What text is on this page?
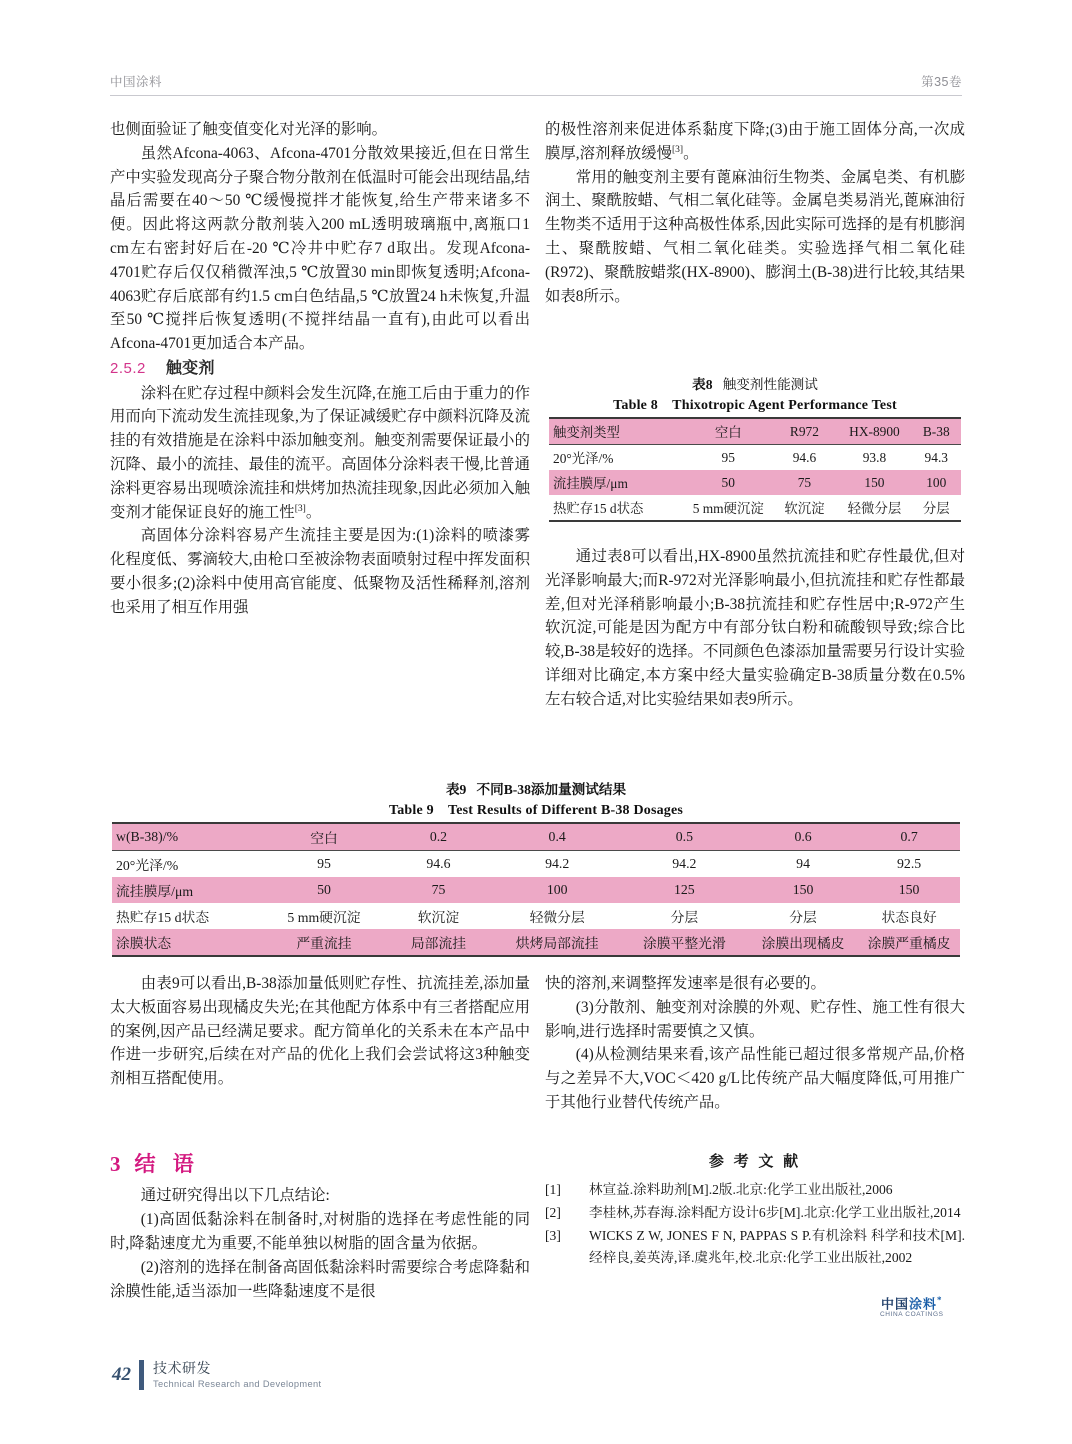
中国涂料	第35卷

也侧面验证了触变值变化对光泽的影响。

虽然Afcona-4063、Afcona-4701分散效果接近,但在日常生产中实验发现高分子聚合物分散剂在低温时可能会出现结晶,结晶后需要在40～50 ℃缓慢搅拌才能恢复,给生产带来诸多不便。因此将这两款分散剂装入200 mL透明玻璃瓶中,离瓶口1 cm左右密封好后在-20 ℃冷井中贮存7 d取出。发现Afcona-4701贮存后仅仅稍微浑浊,5 ℃放置30 min即恢复透明;Afcona-4063贮存后底部有约1.5 cm白色结晶,5 ℃放置24 h未恢复,升温至50 ℃搅拌后恢复透明(不搅拌结晶一直有),由此可以看出Afcona-4701更加适合本产品。

2.5.2 触变剂

涂料在贮存过程中颜料会发生沉降,在施工后由于重力的作用而向下流动发生流挂现象,为了保证减缓贮存中颜料沉降及流挂的有效措施是在涂料中添加触变剂。触变剂需要保证最小的沉降、最小的流挂、最佳的流平。高固体分涂料表干慢,比普通涂料更容易出现喷涂流挂和烘烤加热流挂现象,因此必须加入触变剂才能保证良好的施工性[3]。

高固体分涂料容易产生流挂主要是因为:(1)涂料的喷漆雾化程度低、雾滴较大,由枪口至被涂物表面喷射过程中挥发面积要小很多;(2)涂料中使用高官能度、低聚物及活性稀释剂,溶剂也采用了相互作用强

的极性溶剂来促进体系黏度下降;(3)由于施工固体分高,一次成膜厚,溶剂释放缓慢[3]。

常用的触变剂主要有蓖麻油衍生物类、金属皂类、有机膨润土、聚酰胺蜡、气相二氧化硅等。金属皂类易消光,蓖麻油衍生物类不适用于这种高极性体系,因此实际可选择的是有机膨润土、聚酰胺蜡、气相二氧化硅类。实验选择气相二氧化硅(R972)、聚酰胺蜡浆(HX-8900)、膨润土(B-38)进行比较,其结果如表8所示。

表8 触变剂性能测试
Table 8　Thixotropic Agent Performance Test
触变剂类型	空白	R972	HX-8900	B-38
20°光泽/%	95	94.6	93.8	94.3
流挂膜厚/μm	50	75	150	100
热贮存15 d状态	5 mm硬沉淀	软沉淀	轻微分层	分层

通过表8可以看出,HX-8900虽然抗流挂和贮存性最优,但对光泽影响最大;而R-972对光泽影响最小,但抗流挂和贮存性都最差,但对光泽稍影响最小;B-38抗流挂和贮存性居中;R-972产生软沉淀,可能是因为配方中有部分钛白粉和硫酸钡导致;综合比较,B-38是较好的选择。不同颜色色漆添加量需要另行设计实验详细对比确定,本方案中经大量实验确定B-38质量分数在0.5%左右较合适,对比实验结果如表9所示。

表9 不同B-38添加量测试结果
Table 9　Test Results of Different B-38 Dosages
w(B-38)/%	空白	0.2	0.4	0.5	0.6	0.7
20°光泽/%	95	94.6	94.2	94.2	94	92.5
流挂膜厚/μm	50	75	100	125	150	150
热贮存15 d状态	5 mm硬沉淀	软沉淀	轻微分层	分层	分层	状态良好
涂膜状态	严重流挂	局部流挂	烘烤局部流挂	涂膜平整光滑	涂膜出现橘皮	涂膜严重橘皮

由表9可以看出,B-38添加量低则贮存性、抗流挂差,添加量太大板面容易出现橘皮失光;在其他配方体系中有三者搭配应用的案例,因产品已经满足要求。配方简单化的关系未在本产品中作进一步研究,后续在对产品的优化上我们会尝试将这3种触变剂相互搭配使用。

3 结 语

通过研究得出以下几点结论:

(1)高固低黏涂料在制备时,对树脂的选择在考虑性能的同时,降黏速度尤为重要,不能单独以树脂的固含量为依据。

(2)溶剂的选择在制备高固低黏涂料时需要综合考虑降黏和涂膜性能,适当添加一些降黏速度不是很

快的溶剂,来调整挥发速率是很有必要的。

(3)分散剂、触变剂对涂膜的外观、贮存性、施工性有很大影响,进行选择时需要慎之又慎。

(4)从检测结果来看,该产品性能已超过很多常规产品,价格与之差异不大,VOC＜420 g/L比传统产品大幅度降低,可用推广于其他行业替代传统产品。

参 考 文 献
[1]	林宣益.涂料助剂[M].2版.北京:化学工业出版社,2006
[2]	李桂林,苏春海.涂料配方设计6步[M].北京:化学工业出版社,2014
[3]	WICKS Z W, JONES F N, PAPPAS S P.有机涂料 科学和技术[M].经梓良,姜英涛,译.虞兆年,校.北京:化学工业出版社,2002
中国涂料*
CHINA COATINGS
42 技术研发
Technical Research and Development
